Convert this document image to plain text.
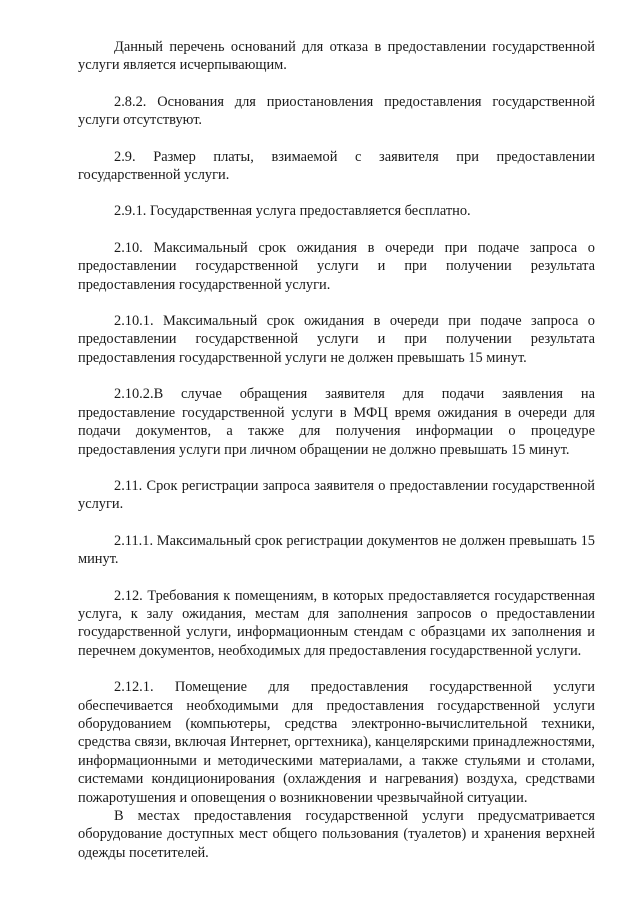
Данный перечень оснований для отказа в предоставлении государственной услуги является исчерпывающим.

2.8.2. Основания для приостановления предоставления государственной услуги отсутствуют.

2.9. Размер платы, взимаемой с заявителя при предоставлении государственной услуги.

2.9.1. Государственная услуга предоставляется бесплатно.

2.10. Максимальный срок ожидания в очереди при подаче запроса о предоставлении государственной услуги и при получении результата предоставления государственной услуги.

2.10.1. Максимальный срок ожидания в очереди при подаче запроса о предоставлении государственной услуги и при получении результата предоставления государственной услуги не должен превышать 15 минут.

2.10.2.В случае обращения заявителя для подачи заявления на предоставление государственной услуги в МФЦ время ожидания в очереди для подачи документов, а также для получения информации о процедуре предоставления услуги при личном обращении не должно превышать 15 минут.

2.11. Срок регистрации запроса заявителя о предоставлении государственной услуги.

2.11.1. Максимальный срок регистрации документов не должен превышать 15 минут.

2.12. Требования к помещениям, в которых предоставляется государственная услуга, к залу ожидания, местам для заполнения запросов о предоставлении государственной услуги, информационным стендам с образцами их заполнения и перечнем документов, необходимых для предоставления государственной услуги.

2.12.1. Помещение для предоставления государственной услуги обеспечивается необходимыми для предоставления государственной услуги оборудованием (компьютеры, средства электронно-вычислительной техники, средства связи, включая Интернет, оргтехника), канцелярскими принадлежностями, информационными и методическими материалами, а также стульями и столами, системами кондиционирования (охлаждения и нагревания) воздуха, средствами пожаротушения и оповещения о возникновении чрезвычайной ситуации.

В местах предоставления государственной услуги предусматривается оборудование доступных мест общего пользования (туалетов) и хранения верхней одежды посетителей.
